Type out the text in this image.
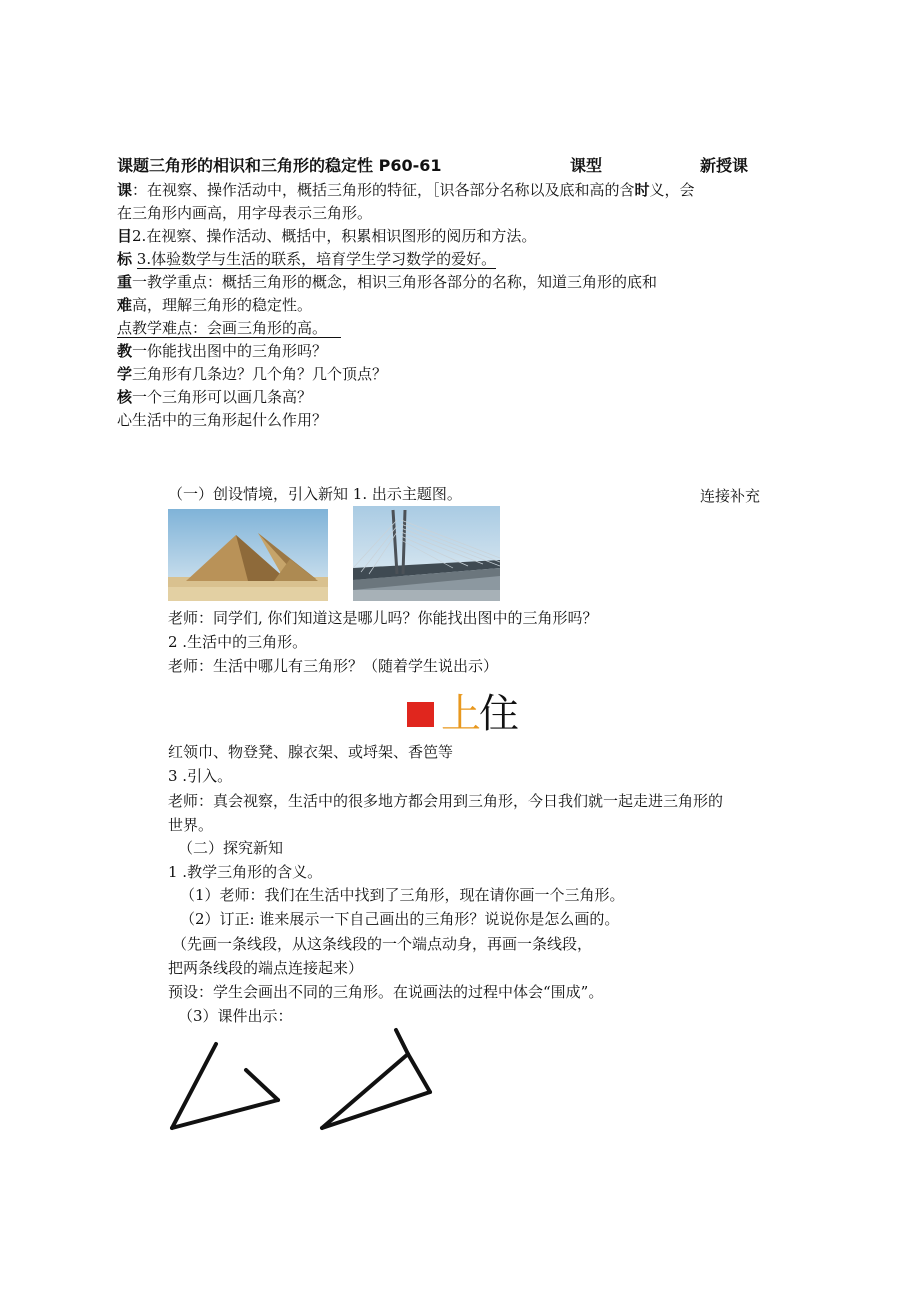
课题三角形的相识和三角形的稳定性 P60-61	课型	新授课
课：在视察、操作活动中，概括三角形的特征，［识各部分名称以及底和高的含时义，会
在三角形内画高，用字母表示三角形。
目2.在视察、操作活动、概括中，积累相识图形的阅历和方法。
标 3.体验数学与生活的联系，培育学生学习数学的爱好。
重一教学重点：概括三角形的概念，相识三角形各部分的名称，知道三角形的底和
难高，理解三角形的稳定性。
点教学难点：会画三角形的高。
教一你能找出图中的三角形吗？
学三角形有几条边？几个角？几个顶点？
核一个三角形可以画几条高？
心生活中的三角形起什么作用？
（一）创设情境，引入新知 1. 出示主题图。	连接补充
老师：同学们, 你们知道这是哪儿吗？你能找出图中的三角形吗？
2 .生活中的三角形。
老师：生活中哪儿有三角形？（随着学生说出示）
上
住
红领巾、物登凳、腺衣架、或埒架、香笆等
3 .引入。
老师：真会视察，生活中的很多地方都会用到三角形，今日我们就一起走进三角形的
世界。
（二）探究新知
1 .教学三角形的含义。
（1）老师：我们在生活中找到了三角形，现在请你画一个三角形。
（2）订正: 谁来展示一下自己画出的三角形？说说你是怎么画的。
（先画一条线段，从这条线段的一个端点动身，再画一条线段，
把两条线段的端点连接起来）
预设：学生会画出不同的三角形。在说画法的过程中体会“围成”。
（3）课件出示：
